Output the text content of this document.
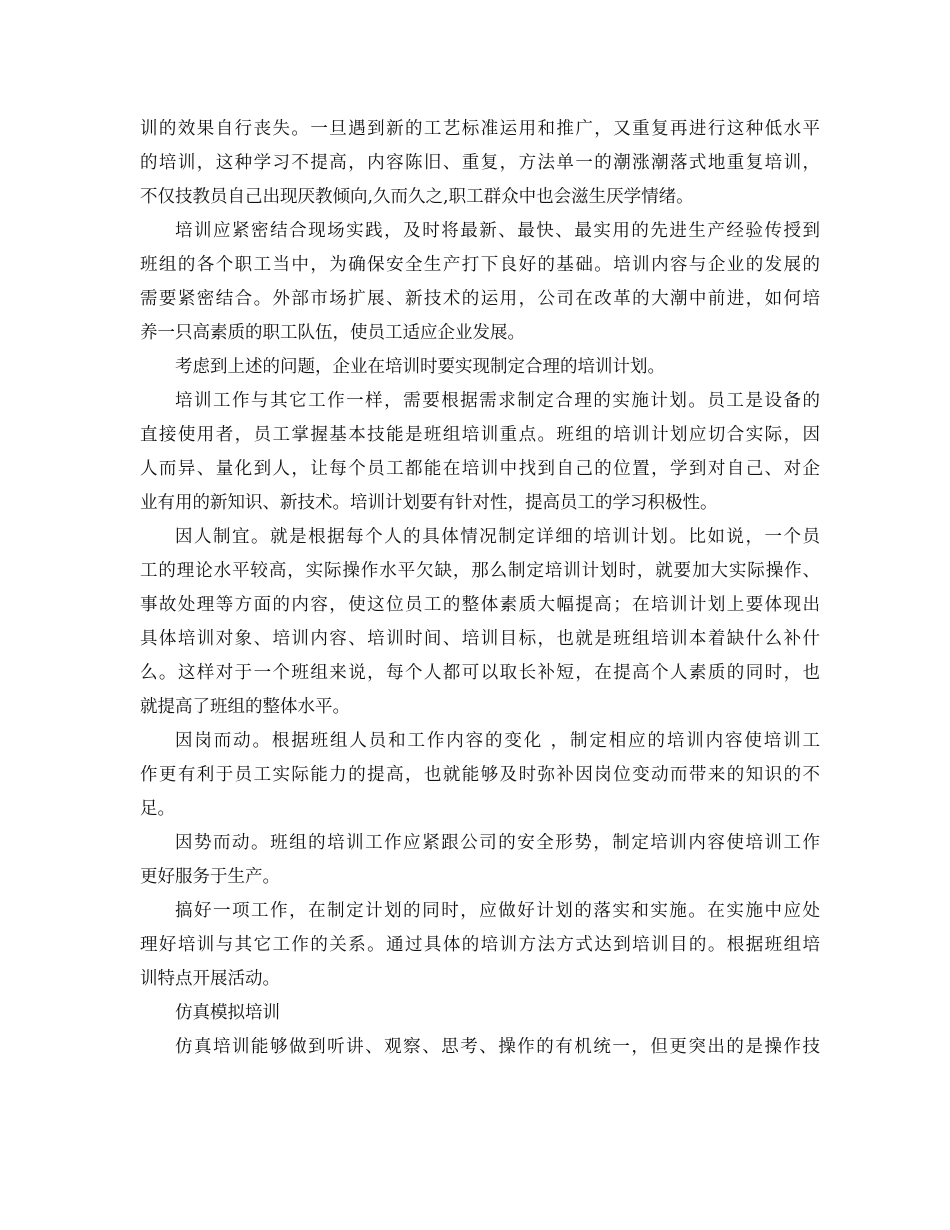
训的效果自行丧失。一旦遇到新的工艺标准运用和推广，又重复再进行这种低水平
的培训，这种学习不提高，内容陈旧、重复，方法单一的潮涨潮落式地重复培训，
不仅技教员自己出现厌教倾向,久而久之,职工群众中也会滋生厌学情绪。
培训应紧密结合现场实践，及时将最新、最快、最实用的先进生产经验传授到
班组的各个职工当中，为确保安全生产打下良好的基础。培训内容与企业的发展的
需要紧密结合。外部市场扩展、新技术的运用，公司在改革的大潮中前进，如何培
养一只高素质的职工队伍，使员工适应企业发展。
考虑到上述的问题，企业在培训时要实现制定合理的培训计划。
培训工作与其它工作一样，需要根据需求制定合理的实施计划。员工是设备的
直接使用者，员工掌握基本技能是班组培训重点。班组的培训计划应切合实际，因
人而异、量化到人，让每个员工都能在培训中找到自己的位置，学到对自己、对企
业有用的新知识、新技术。培训计划要有针对性，提高员工的学习积极性。
因人制宜。就是根据每个人的具体情况制定详细的培训计划。比如说，一个员
工的理论水平较高，实际操作水平欠缺，那么制定培训计划时，就要加大实际操作、
事故处理等方面的内容，使这位员工的整体素质大幅提高；在培训计划上要体现出
具体培训对象、培训内容、培训时间、培训目标，也就是班组培训本着缺什么补什
么。这样对于一个班组来说，每个人都可以取长补短，在提高个人素质的同时，也
就提高了班组的整体水平。
因岗而动。根据班组人员和工作内容的变化 ，制定相应的培训内容使培训工
作更有利于员工实际能力的提高，也就能够及时弥补因岗位变动而带来的知识的不
足。
因势而动。班组的培训工作应紧跟公司的安全形势，制定培训内容使培训工作
更好服务于生产。
搞好一项工作，在制定计划的同时，应做好计划的落实和实施。在实施中应处
理好培训与其它工作的关系。通过具体的培训方法方式达到培训目的。根据班组培
训特点开展活动。
仿真模拟培训
仿真培训能够做到听讲、观察、思考、操作的有机统一，但更突出的是操作技
